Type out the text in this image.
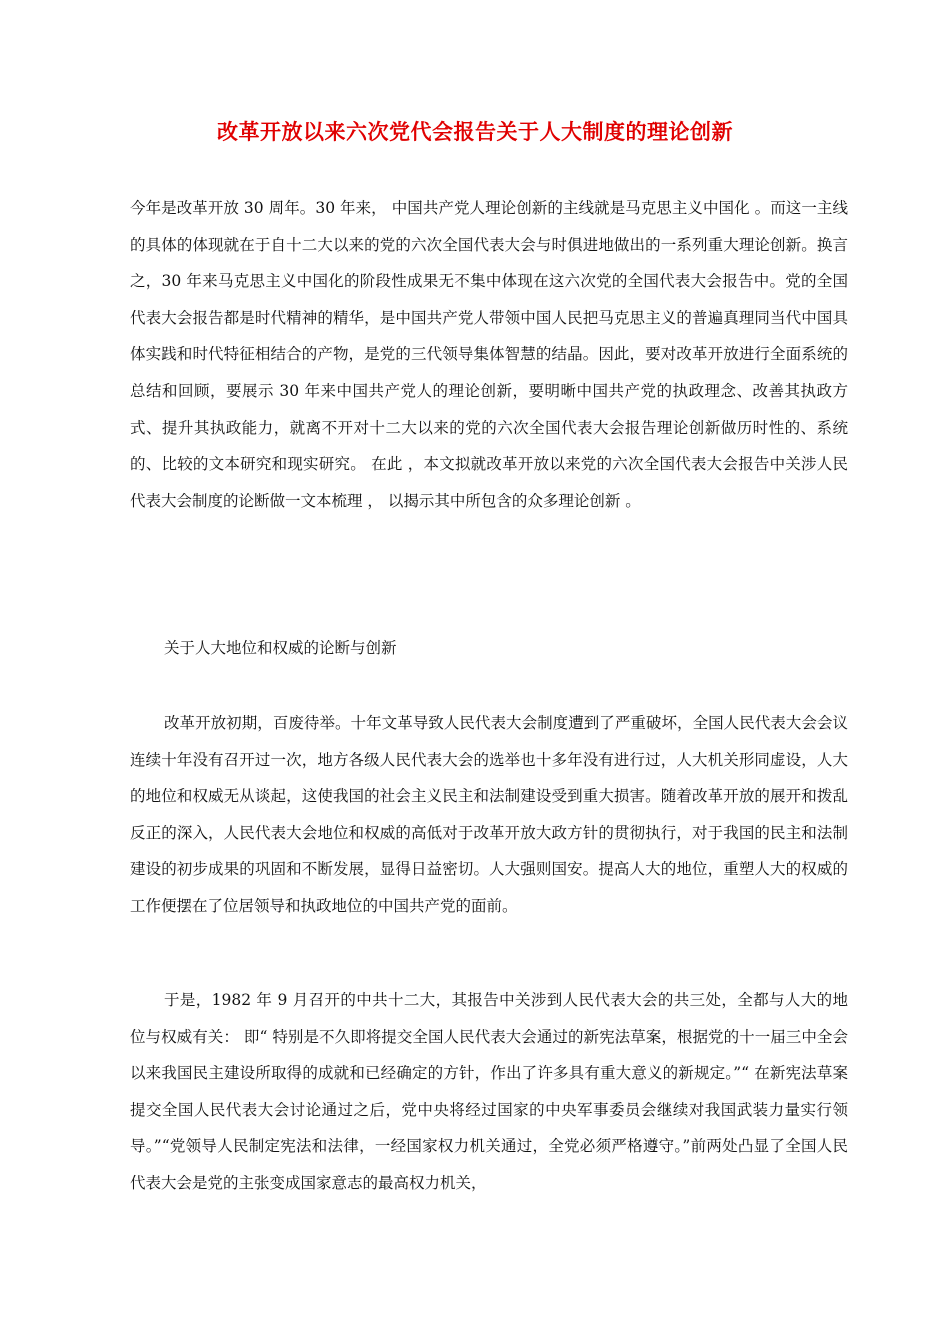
改革开放以来六次党代会报告关于人大制度的理论创新
今年是改革开放 30 周年。30 年来， 中国共产党人理论创新的主线就是马克思主义中国化 。而这一主线的具体的体现就在于自十二大以来的党的六次全国代表大会与时俱进地做出的一系列重大理论创新。换言之，30 年来马克思主义中国化的阶段性成果无不集中体现在这六次党的全国代表大会报告中。党的全国代表大会报告都是时代精神的精华，是中国共产党人带领中国人民把马克思主义的普遍真理同当代中国具体实践和时代特征相结合的产物，是党的三代领导集体智慧的结晶。因此，要对改革开放进行全面系统的总结和回顾，要展示 30 年来中国共产党人的理论创新，要明晰中国共产党的执政理念、改善其执政方式、提升其执政能力，就离不开对十二大以来的党的六次全国代表大会报告理论创新做历时性的、系统的、比较的文本研究和现实研究。 在此 ，本文拟就改革开放以来党的六次全国代表大会报告中关涉人民代表大会制度的论断做一文本梳理 ， 以揭示其中所包含的众多理论创新 。
关于人大地位和权威的论断与创新
改革开放初期，百废待举。十年文革导致人民代表大会制度遭到了严重破坏，全国人民代表大会会议连续十年没有召开过一次，地方各级人民代表大会的选举也十多年没有进行过，人大机关形同虚设，人大的地位和权威无从谈起，这使我国的社会主义民主和法制建设受到重大损害。随着改革开放的展开和拨乱反正的深入，人民代表大会地位和权威的高低对于改革开放大政方针的贯彻执行，对于我国的民主和法制建设的初步成果的巩固和不断发展，显得日益密切。人大强则国安。提高人大的地位，重塑人大的权威的工作便摆在了位居领导和执政地位的中国共产党的面前。
于是，1982 年 9 月召开的中共十二大，其报告中关涉到人民代表大会的共三处，全都与人大的地位与权威有关： 即“ 特别是不久即将提交全国人民代表大会通过的新宪法草案，根据党的十一届三中全会以来我国民主建设所取得的成就和已经确定的方针，作出了许多具有重大意义的新规定。”“ 在新宪法草案提交全国人民代表大会讨论通过之后，党中央将经过国家的中央军事委员会继续对我国武装力量实行领导。”“党领导人民制定宪法和法律，一经国家权力机关通过，全党必须严格遵守。”前两处凸显了全国人民代表大会是党的主张变成国家意志的最高权力机关，
